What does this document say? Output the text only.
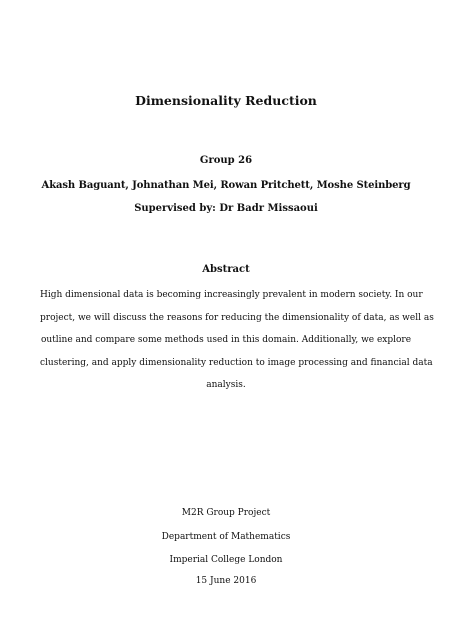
Dimensionality Reduction
Group 26
Akash Baguant, Johnathan Mei, Rowan Pritchett, Moshe Steinberg
Supervised by: Dr Badr Missaoui
Abstract
High dimensional data is becoming increasingly prevalent in modern society. In our
project, we will discuss the reasons for reducing the dimensionality of data, as well as
outline and compare some methods used in this domain. Additionally, we explore
clustering, and apply dimensionality reduction to image processing and financial data
analysis.
M2R Group Project
Department of Mathematics
Imperial College London
15 June 2016
